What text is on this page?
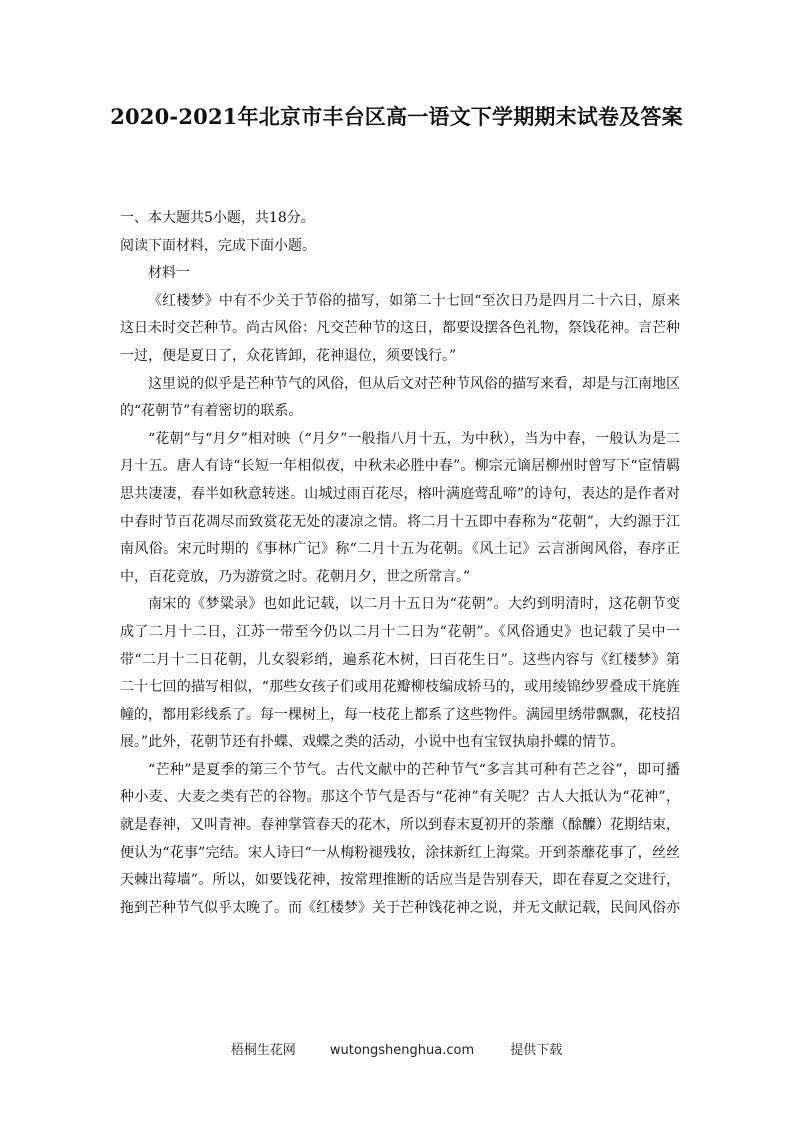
2020-2021年北京市丰台区高一语文下学期期末试卷及答案

一、本大题共5小题，共18分。

阅读下面材料，完成下面小题。

材料一

《红楼梦》中有不少关于节俗的描写，如第二十七回“至次日乃是四月二十六日，原来这日未时交芒种节。尚古风俗：凡交芒种节的这日，都要设摆各色礼物，祭饯花神。言芒种一过，便是夏日了，众花皆卸，花神退位，须要饯行。”

这里说的似乎是芒种节气的风俗，但从后文对芒种节风俗的描写来看，却是与江南地区的“花朝节”有着密切的联系。

“花朝”与“月夕”相对映（“月夕”一般指八月十五，为中秋），当为中春，一般认为是二月十五。唐人有诗“长短一年相似夜，中秋未必胜中春”。柳宗元谪居柳州时曾写下“宦情羁思共凄凄，春半如秋意转迷。山城过雨百花尽，榕叶满庭莺乱啼”的诗句，表达的是作者对中春时节百花凋尽而致赏花无处的凄凉之情。将二月十五即中春称为“花朝”，大约源于江南风俗。宋元时期的《事林广记》称“二月十五为花朝。《风土记》云言浙闽风俗，春序正中，百花竞放，乃为游赏之时。花朝月夕，世之所常言。”

南宋的《梦粱录》也如此记载，以二月十五日为“花朝”。大约到明清时，这花朝节变成了二月十二日，江苏一带至今仍以二月十二日为“花朝”。《风俗通史》也记载了吴中一带“二月十二日花朝，儿女裂彩绡，遍系花木树，曰百花生日”。这些内容与《红楼梦》第二十七回的描写相似，“那些女孩子们或用花瓣柳枝编成轿马的，或用绫锦纱罗叠成干旄旌幢的，都用彩线系了。每一棵树上，每一枝花上都系了这些物件。满园里绣带飘飘，花枝招展。”此外，花朝节还有扑蝶、戏蝶之类的活动，小说中也有宝钗执扇扑蝶的情节。

“芒种”是夏季的第三个节气。古代文献中的芒种节气“多言其可种有芒之谷”，即可播种小麦、大麦之类有芒的谷物。那这个节气是否与“花神”有关呢？古人大抵认为“花神”，就是春神，又叫青神。春神掌管春天的花木，所以到春末夏初开的荼蘼（酴醾）花期结束，便认为“花事”完结。宋人诗曰“一从梅粉褪残妆，涂抹新红上海棠。开到荼蘼花事了，丝丝天棘出莓墙”。所以，如要饯花神，按常理推断的话应当是告别春天，即在春夏之交进行，拖到芒种节气似乎太晚了。而《红楼梦》关于芒种饯花神之说，并无文献记载，民间风俗亦

梧桐生花网	wutongshenghua.com	提供下载
